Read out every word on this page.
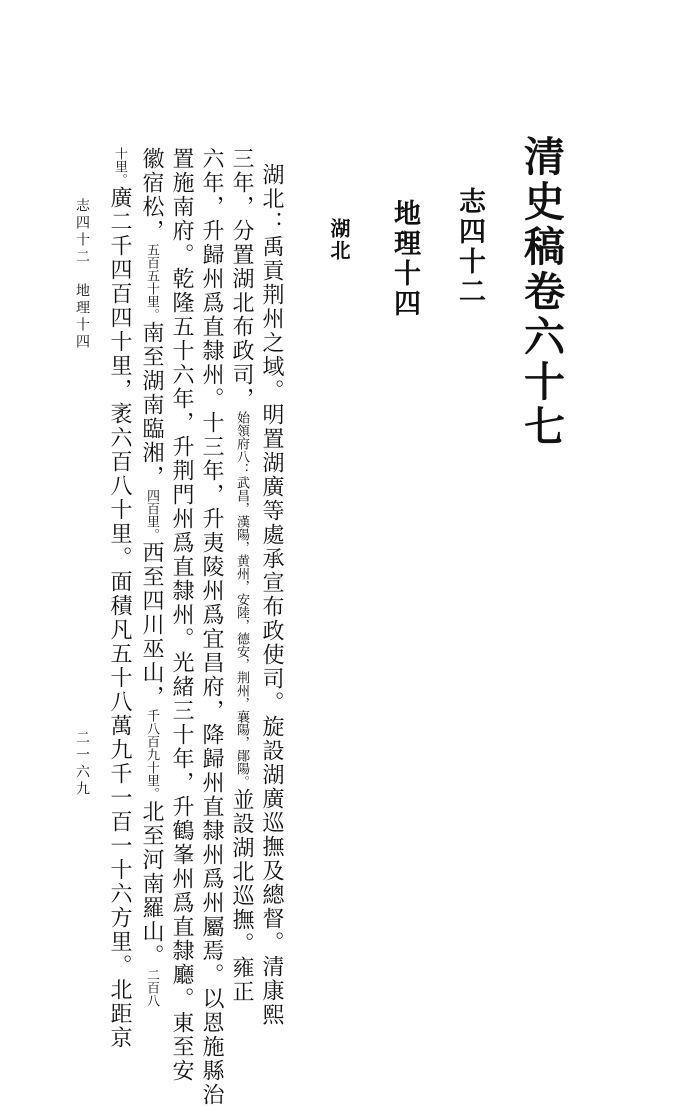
清史稿卷六十七
志四十二
地理十四
湖北
湖北：禹貢荆州之域。明置湖廣等處承宣布政使司。旋設湖廣巡撫及總督。清康熙
三年，分置湖北布政司，始領府八：武昌，漢陽，黄州，安陸，德安，荆州，襄陽，鄖陽。並設湖北巡撫。雍正
六年，升歸州爲直隸州。十三年，升夷陵州爲宜昌府，降歸州直隸州爲州屬焉。以恩施縣治
置施南府。乾隆五十六年，升荆門州爲直隸州。光緒三十年，升鶴峯州爲直隸廳。東至安
徽宿松，五百五十里。南至湖南臨湘，四百里。西至四川巫山，千八百九十里。北至河南羅山。二百八
十里。廣二千四百四十里，袤六百八十里。面積凡五十八萬九千一百一十六方里。北距京
志四十二　地理十四
二一六九
